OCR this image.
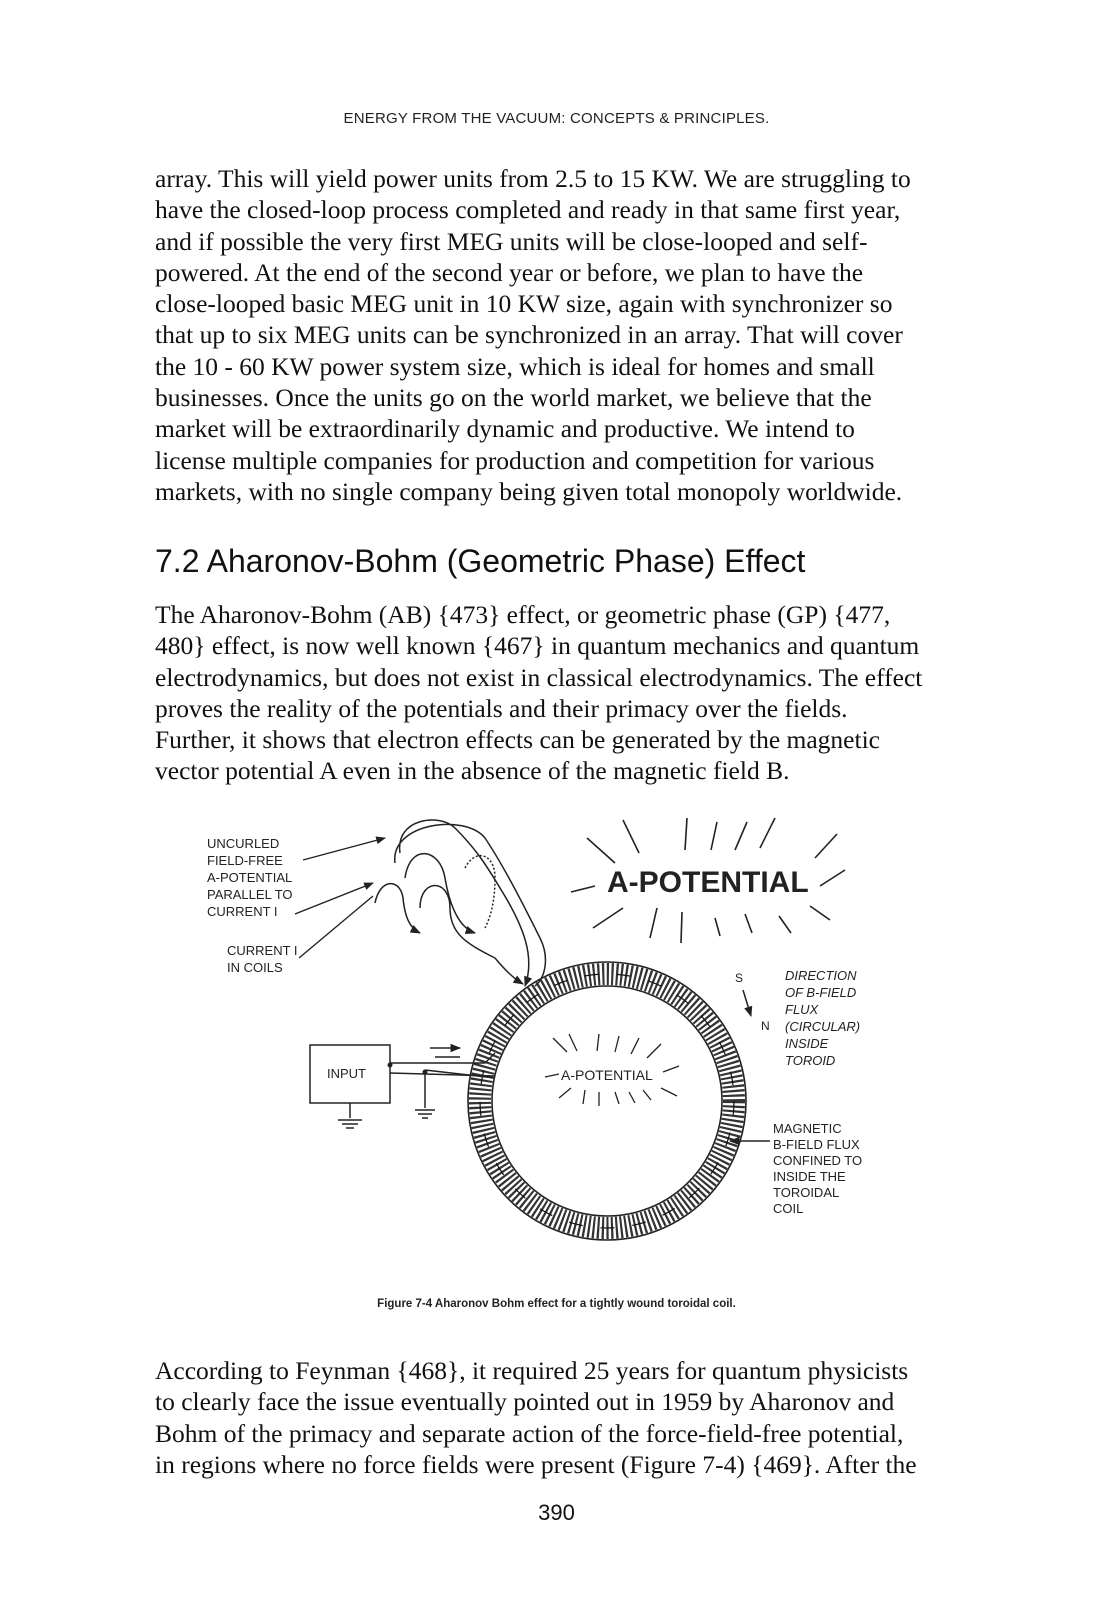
ENERGY FROM THE VACUUM: CONCEPTS & PRINCIPLES.
array. This will yield power units from 2.5 to 15 KW. We are struggling to
have the closed-loop process completed and ready in that same first year,
and if possible the very first MEG units will be close-looped and self-
powered. At the end of the second year or before, we plan to have the
close-looped basic MEG unit in 10 KW size, again with synchronizer so
that up to six MEG units can be synchronized in an array. That will cover
the 10 - 60 KW power system size, which is ideal for homes and small
businesses. Once the units go on the world market, we believe that the
market will be extraordinarily dynamic and productive. We intend to
license multiple companies for production and competition for various
markets, with no single company being given total monopoly worldwide.
7.2 Aharonov-Bohm (Geometric Phase) Effect
The Aharonov-Bohm (AB) {473} effect, or geometric phase (GP) {477,
480} effect, is now well known {467} in quantum mechanics and quantum
electrodynamics, but does not exist in classical electrodynamics. The effect
proves the reality of the potentials and their primacy over the fields.
Further, it shows that electron effects can be generated by the magnetic
vector potential A even in the absence of the magnetic field B.
UNCURLED
FIELD-FREE
A-POTENTIAL
PARALLEL TO
CURRENT I
CURRENT I
IN COILS
A-POTENTIAL
A-POTENTIAL
INPUT
S
N
DIRECTION
OF B-FIELD
FLUX
(CIRCULAR)
INSIDE
TOROID
MAGNETIC
B-FIELD FLUX
CONFINED TO
INSIDE THE
TOROIDAL
COIL
Figure 7-4 Aharonov Bohm effect for a tightly wound toroidal coil.
According to Feynman {468}, it required 25 years for quantum physicists
to clearly face the issue eventually pointed out in 1959 by Aharonov and
Bohm of the primacy and separate action of the force-field-free potential,
in regions where no force fields were present (Figure 7-4) {469}. After the
390
